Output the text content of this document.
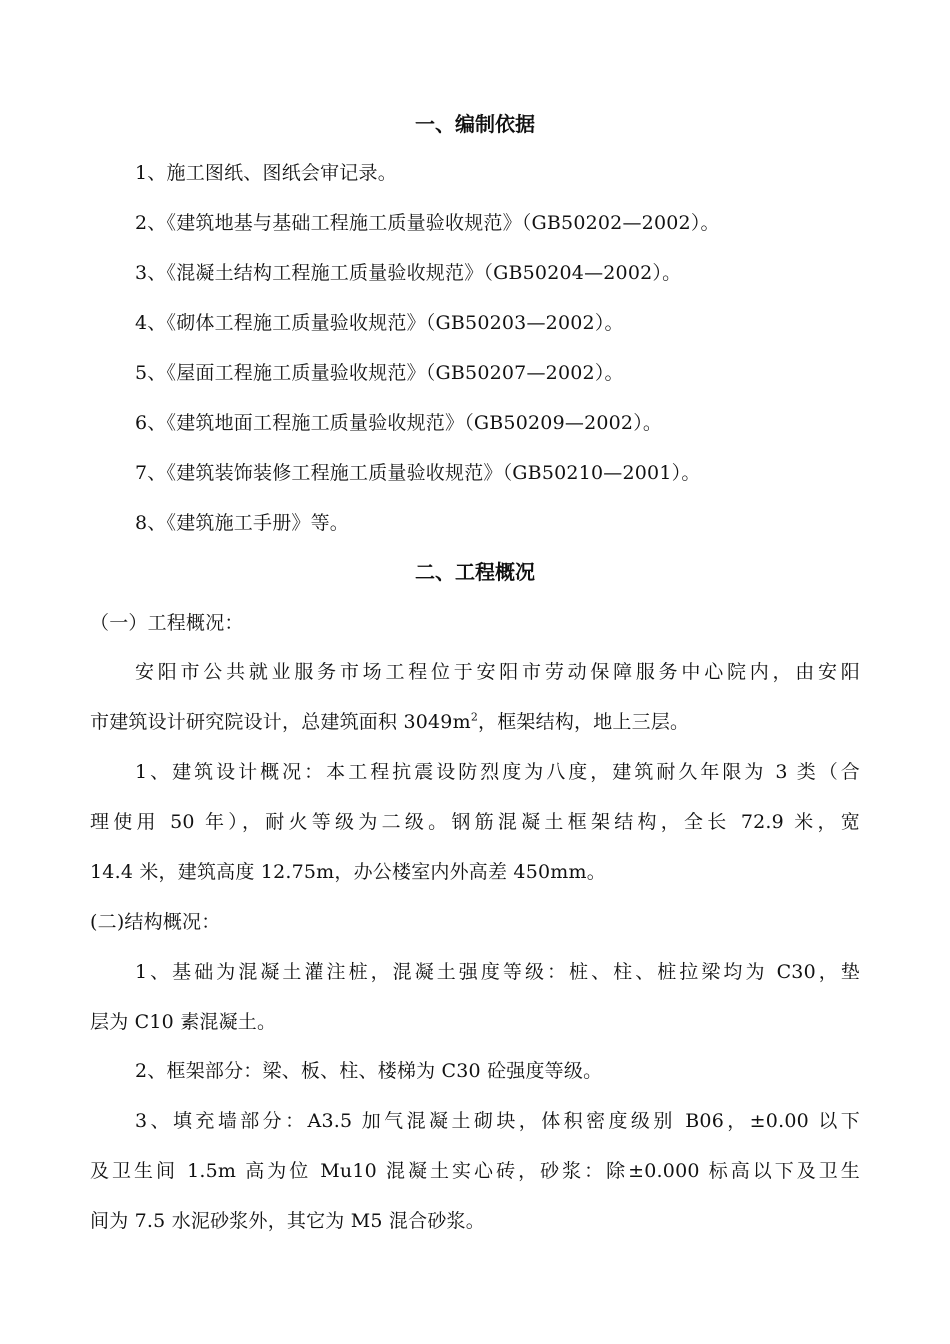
一、编制依据
1、施工图纸、图纸会审记录。
2、《建筑地基与基础工程施工质量验收规范》（GB50202—2002）。
3、《混凝土结构工程施工质量验收规范》（GB50204—2002）。
4、《砌体工程施工质量验收规范》（GB50203—2002）。
5、《屋面工程施工质量验收规范》（GB50207—2002）。
6、《建筑地面工程施工质量验收规范》（GB50209—2002）。
7、《建筑装饰装修工程施工质量验收规范》（GB50210—2001）。
8、《建筑施工手册》等。
二、工程概况
（一）工程概况：
安阳市公共就业服务市场工程位于安阳市劳动保障服务中心院内，由安阳
市建筑设计研究院设计，总建筑面积 $3049m^2$，框架结构，地上三层。
1、建筑设计概况：本工程抗震设防烈度为八度，建筑耐久年限为 3 类（合
理使用 50 年），耐火等级为二级。钢筋混凝土框架结构，全长 72.9 米，宽
14.4 米，建筑高度 12.75m，办公楼室内外高差 450mm。
(二)结构概况：
1、基础为混凝土灌注桩，混凝土强度等级：桩、柱、桩拉梁均为 C30，垫
层为 C10 素混凝土。
2、框架部分：梁、板、柱、楼梯为 C30 砼强度等级。
3、填充墙部分：A3.5 加气混凝土砌块，体积密度级别 B06，±0.00 以下
及卫生间 1.5m 高为位 Mu10 混凝土实心砖，砂浆：除±0.000 标高以下及卫生
间为 7.5 水泥砂浆外，其它为 M5 混合砂浆。
